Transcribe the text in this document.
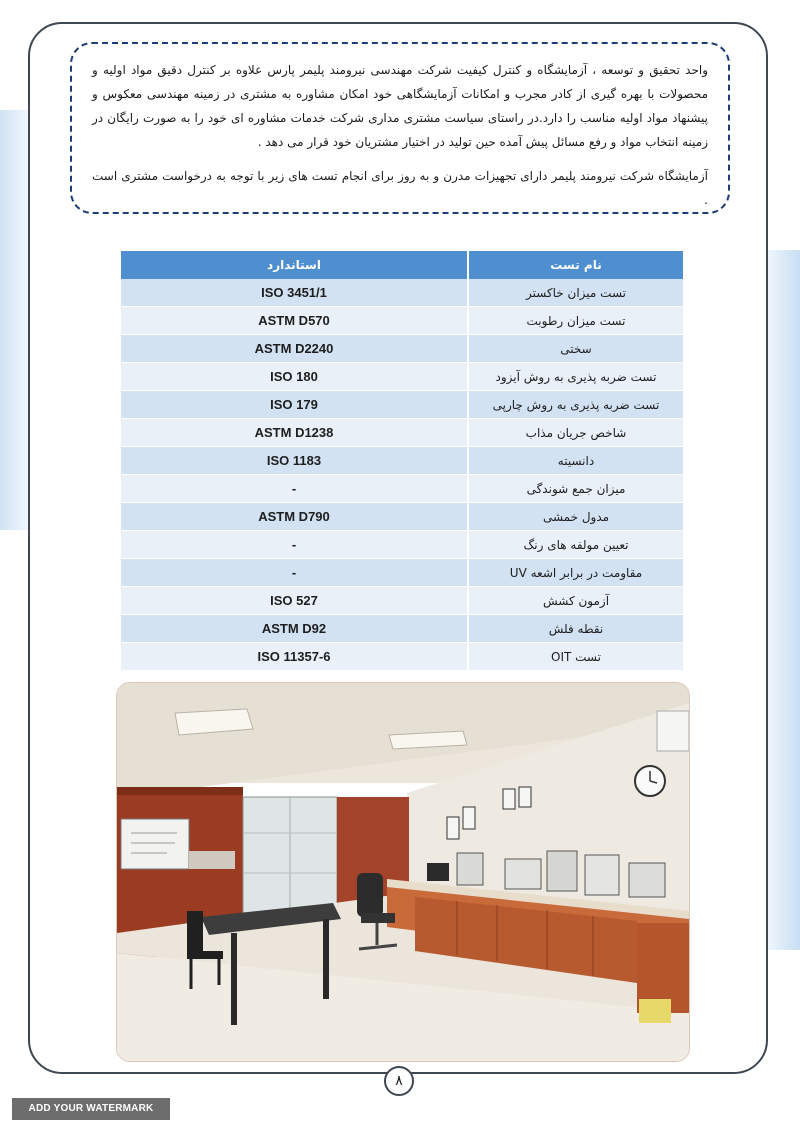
واحد تحقیق و توسعه ، آزمایشگاه و کنترل کیفیت شرکت مهندسی نیرومند پلیمر پارس علاوه بر کنترل دقیق مواد اولیه و محصولات با بهره گیری از کادر مجرب و امکانات آزمایشگاهی خود امکان مشاوره به مشتری در زمینه مهندسی معکوس و پیشنهاد مواد اولیه مناسب را دارد.در راستای سیاست مشتری مداری شرکت خدمات مشاوره ای خود را به صورت رایگان در زمینه انتخاب مواد و رفع مسائل پیش آمده حین تولید در اختیار مشتریان خود قرار می دهد .

آزمایشگاه شرکت نیرومند پلیمر دارای تجهیزات مدرن و به روز برای انجام تست های زیر با توجه به درخواست مشتری است .

نام تست	استاندارد
تست میزان خاکستر	ISO 3451/1
تست میزان رطوبت	ASTM D570
سختی	ASTM D2240
تست ضربه پذیری به روش آیزود	ISO 180
تست ضربه پذیری به روش چارپی	ISO 179
شاخص جریان مذاب	ASTM D1238
دانسیته	ISO 1183
میزان جمع شوندگی	-
مدول خمشی	ASTM D790
تعیین مولفه های رنگ	-
مقاومت در برابر اشعه UV	-
آزمون کشش	ISO 527
نقطه فلش	ASTM D92
تست OIT	ISO 11357-6
۸
ADD YOUR WATERMARK
